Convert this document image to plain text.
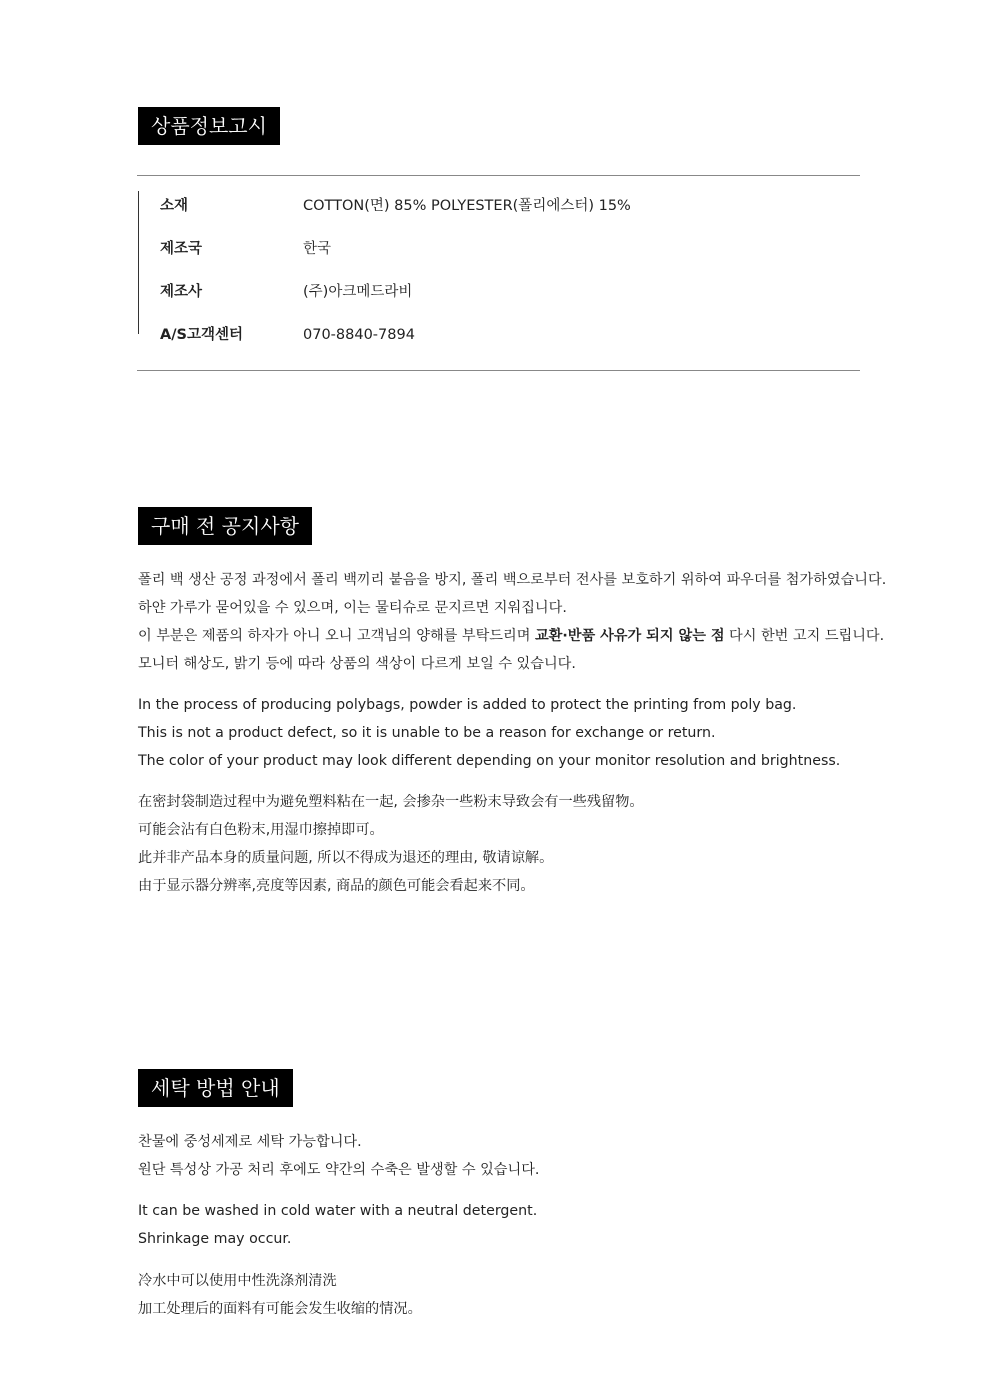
상품정보고시
소재	COTTON(면) 85% POLYESTER(폴리에스터) 15%
제조국	한국
제조사	(주)아크메드라비
A/S고객센터	070-8840-7894
구매 전 공지사항
폴리 백 생산 공정 과정에서 폴리 백끼리 붙음을 방지, 폴리 백으로부터 전사를 보호하기 위하여 파우더를 첨가하였습니다.
하얀 가루가 묻어있을 수 있으며, 이는 물티슈로 문지르면 지워집니다.
이 부분은 제품의 하자가 아니 오니 고객님의 양해를 부탁드리며 교환·반품 사유가 되지 않는 점 다시 한번 고지 드립니다.
모니터 해상도, 밝기 등에 따라 상품의 색상이 다르게 보일 수 있습니다.
In the process of producing polybags, powder is added to protect the printing from poly bag.
This is not a product defect, so it is unable to be a reason for exchange or return.
The color of your product may look different depending on your monitor resolution and brightness.
在密封袋制造过程中为避免塑料粘在一起, 会掺杂一些粉末导致会有一些残留物。
可能会沾有白色粉末,用湿巾擦掉即可。
此并非产品本身的质量问题, 所以不得成为退还的理由, 敬请谅解。
由于显示器分辨率,亮度等因素, 商品的颜色可能会看起来不同。
세탁 방법 안내
찬물에 중성세제로 세탁 가능합니다.
원단 특성상 가공 처리 후에도 약간의 수축은 발생할 수 있습니다.
It can be washed in cold water with a neutral detergent.
Shrinkage may occur.
冷水中可以使用中性洗涤剂清洗
加工处理后的面料有可能会发生收缩的情况。
